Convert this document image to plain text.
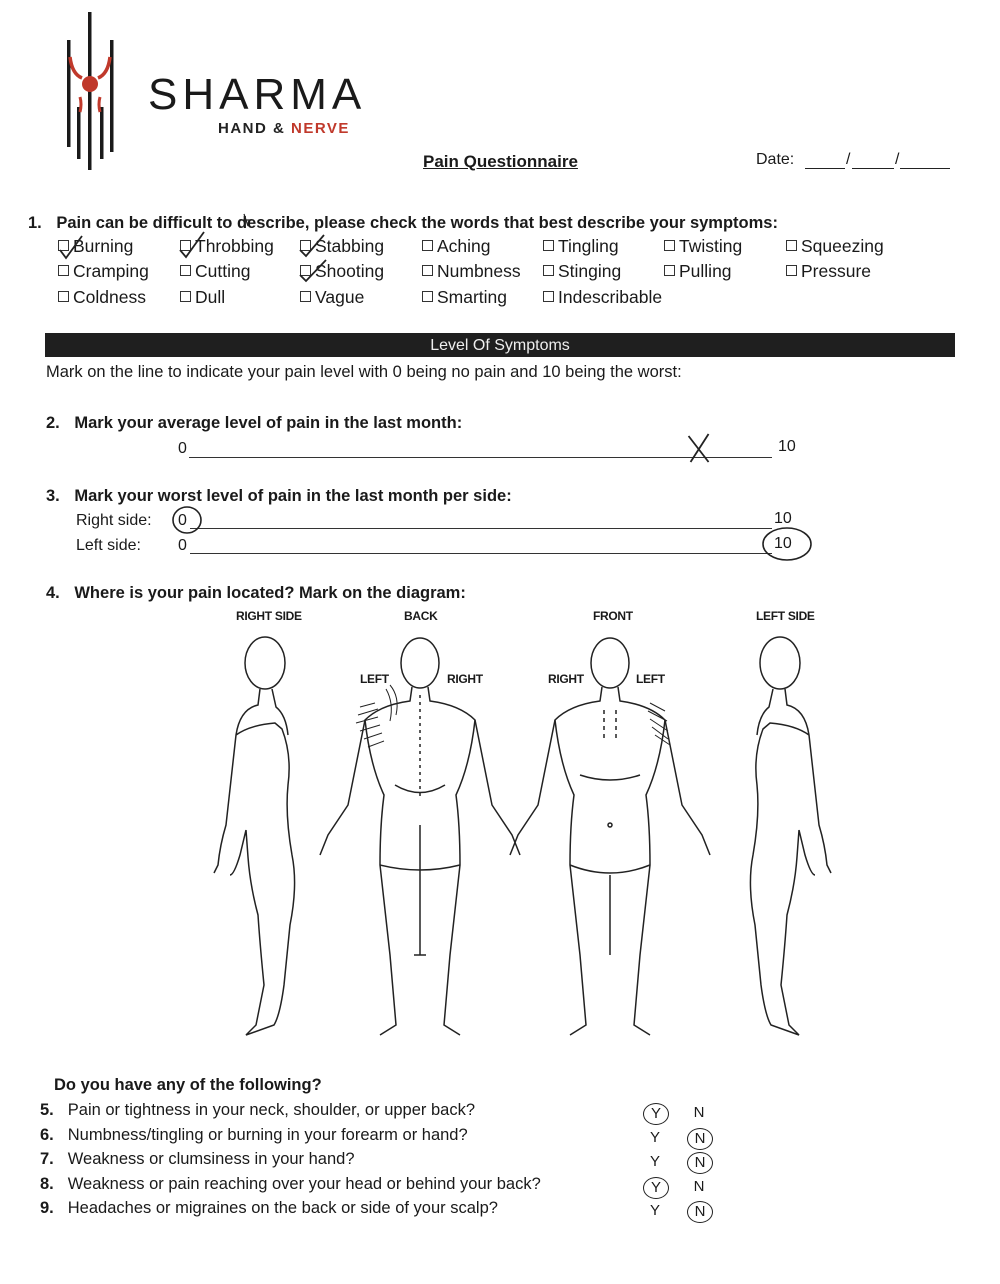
SHARMA
HAND & NERVE
Pain Questionnaire	Date:	/	/
1. Pain can be difficult to describe, please check the words that best describe your symptoms:
Burning	Throbbing	Stabbing	Aching	Tingling	Twisting	Squeezing
Cramping	Cutting	Shooting	Numbness	Stinging	Pulling	Pressure
Coldness	Dull	Vague	Smarting	Indescribable
Level Of Symptoms
Mark on the line to indicate your pain level with 0 being no pain and 10 being the worst:
2. Mark your average level of pain in the last month:
0	10
3. Mark your worst level of pain in the last month per side:
Right side: 0	10
Left side: 0	10
4. Where is your pain located? Mark on the diagram:
RIGHT SIDE	BACK	FRONT	LEFT SIDE
LEFT	RIGHT	RIGHT	LEFT
Do you have any of the following?
5. Pain or tightness in your neck, shoulder, or upper back?	Y	N
6. Numbness/tingling or burning in your forearm or hand?	Y	N
7. Weakness or clumsiness in your hand?	Y	N
8. Weakness or pain reaching over your head or behind your back?	Y	N
9. Headaches or migraines on the back or side of your scalp?	Y	N
